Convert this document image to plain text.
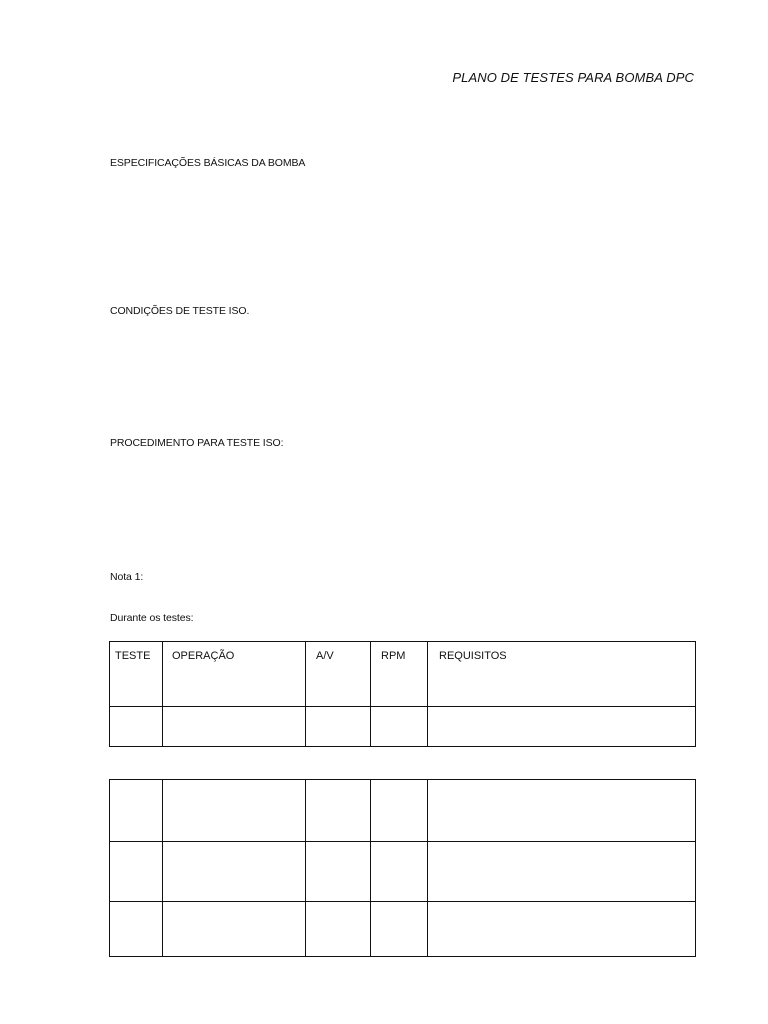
PLANO DE TESTES PARA BOMBA DPC
ESPECIFICAÇÕES BÁSICAS DA BOMBA
CONDIÇÕES DE TESTE ISO.
PROCEDIMENTO PARA TESTE ISO:
Nota 1:
Durante os testes:
TESTE	OPERAÇÃO	A/V	RPM	REQUISITOS
